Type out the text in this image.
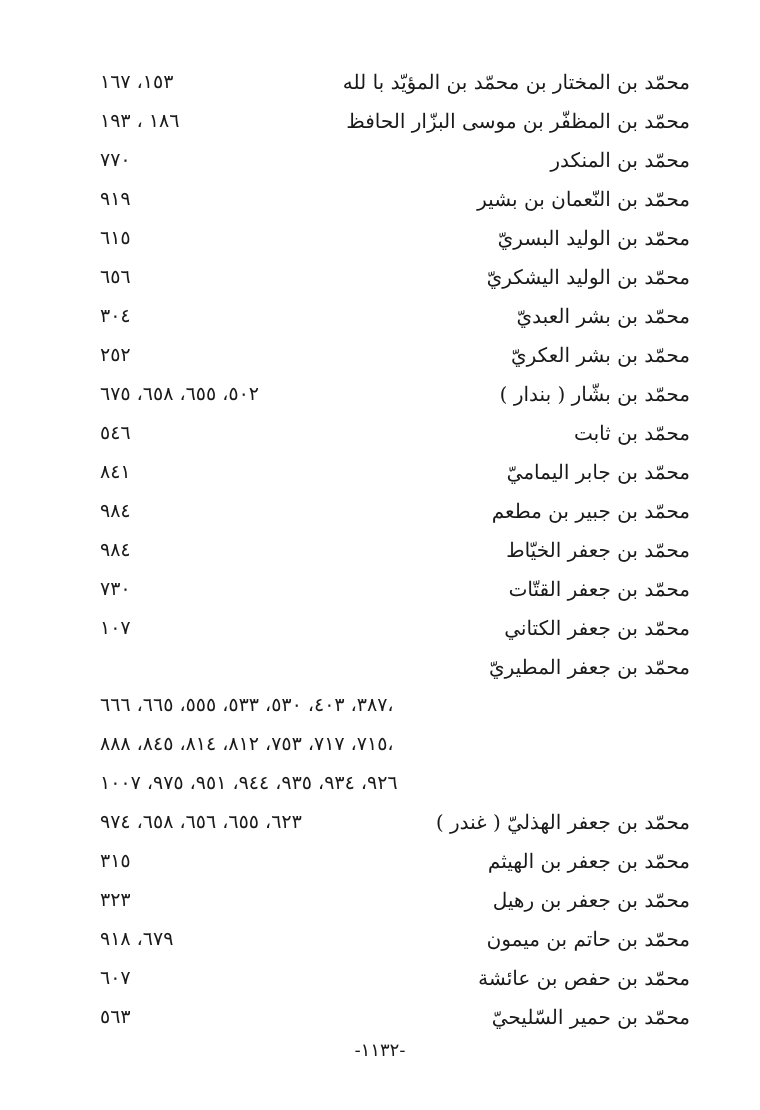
محمّد بن المختار بن محمّد بن المؤيّد با لله
١٥٣، ١٦٧
محمّد بن المظفّر بن موسى البزّار الحافظ
١٨٦ ، ١٩٣
محمّد بن المنكدر
٧٧٠
محمّد بن النّعمان بن بشير
٩١٩
محمّد بن الوليد البسريّ
٦١٥
محمّد بن الوليد اليشكريّ
٦٥٦
محمّد بن بشر العبديّ
٣٠٤
محمّد بن بشر العكريّ
٢٥٢
محمّد بن بشّار ( بندار )
٥٠٢، ٦٥٥، ٦٥٨، ٦٧٥
محمّد بن ثابت
٥٤٦
محمّد بن جابر اليماميّ
٨٤١
محمّد بن جبير بن مطعم
٩٨٤
محمّد بن جعفر الخيّاط
٩٨٤
محمّد بن جعفر القتّات
٧٣٠
محمّد بن جعفر الكتاني
١٠٧
محمّد بن جعفر المطيريّ
٣٨٧، ٤٠٣، ٥٣٠، ٥٣٣، ٥٥٥، ٦٦٥، ٦٦٦،
٧١٥، ٧١٧، ٧٥٣، ٨١٢، ٨١٤، ٨٤٥، ٨٨٨،
٩٢٦، ٩٣٤، ٩٣٥، ٩٤٤، ٩٥١، ٩٧٥، ١٠٠٧
محمّد بن جعفر الهذليّ ( غندر )
٦٢٣، ٦٥٥، ٦٥٦، ٦٥٨، ٩٧٤
محمّد بن جعفر بن الهيثم
٣١٥
محمّد بن جعفر بن رهيل
٣٢٣
محمّد بن حاتم بن ميمون
٦٧٩، ٩١٨
محمّد بن حفص بن عائشة
٦٠٧
محمّد بن حمير السّليحيّ
٥٦٣
-١١٣٢-
